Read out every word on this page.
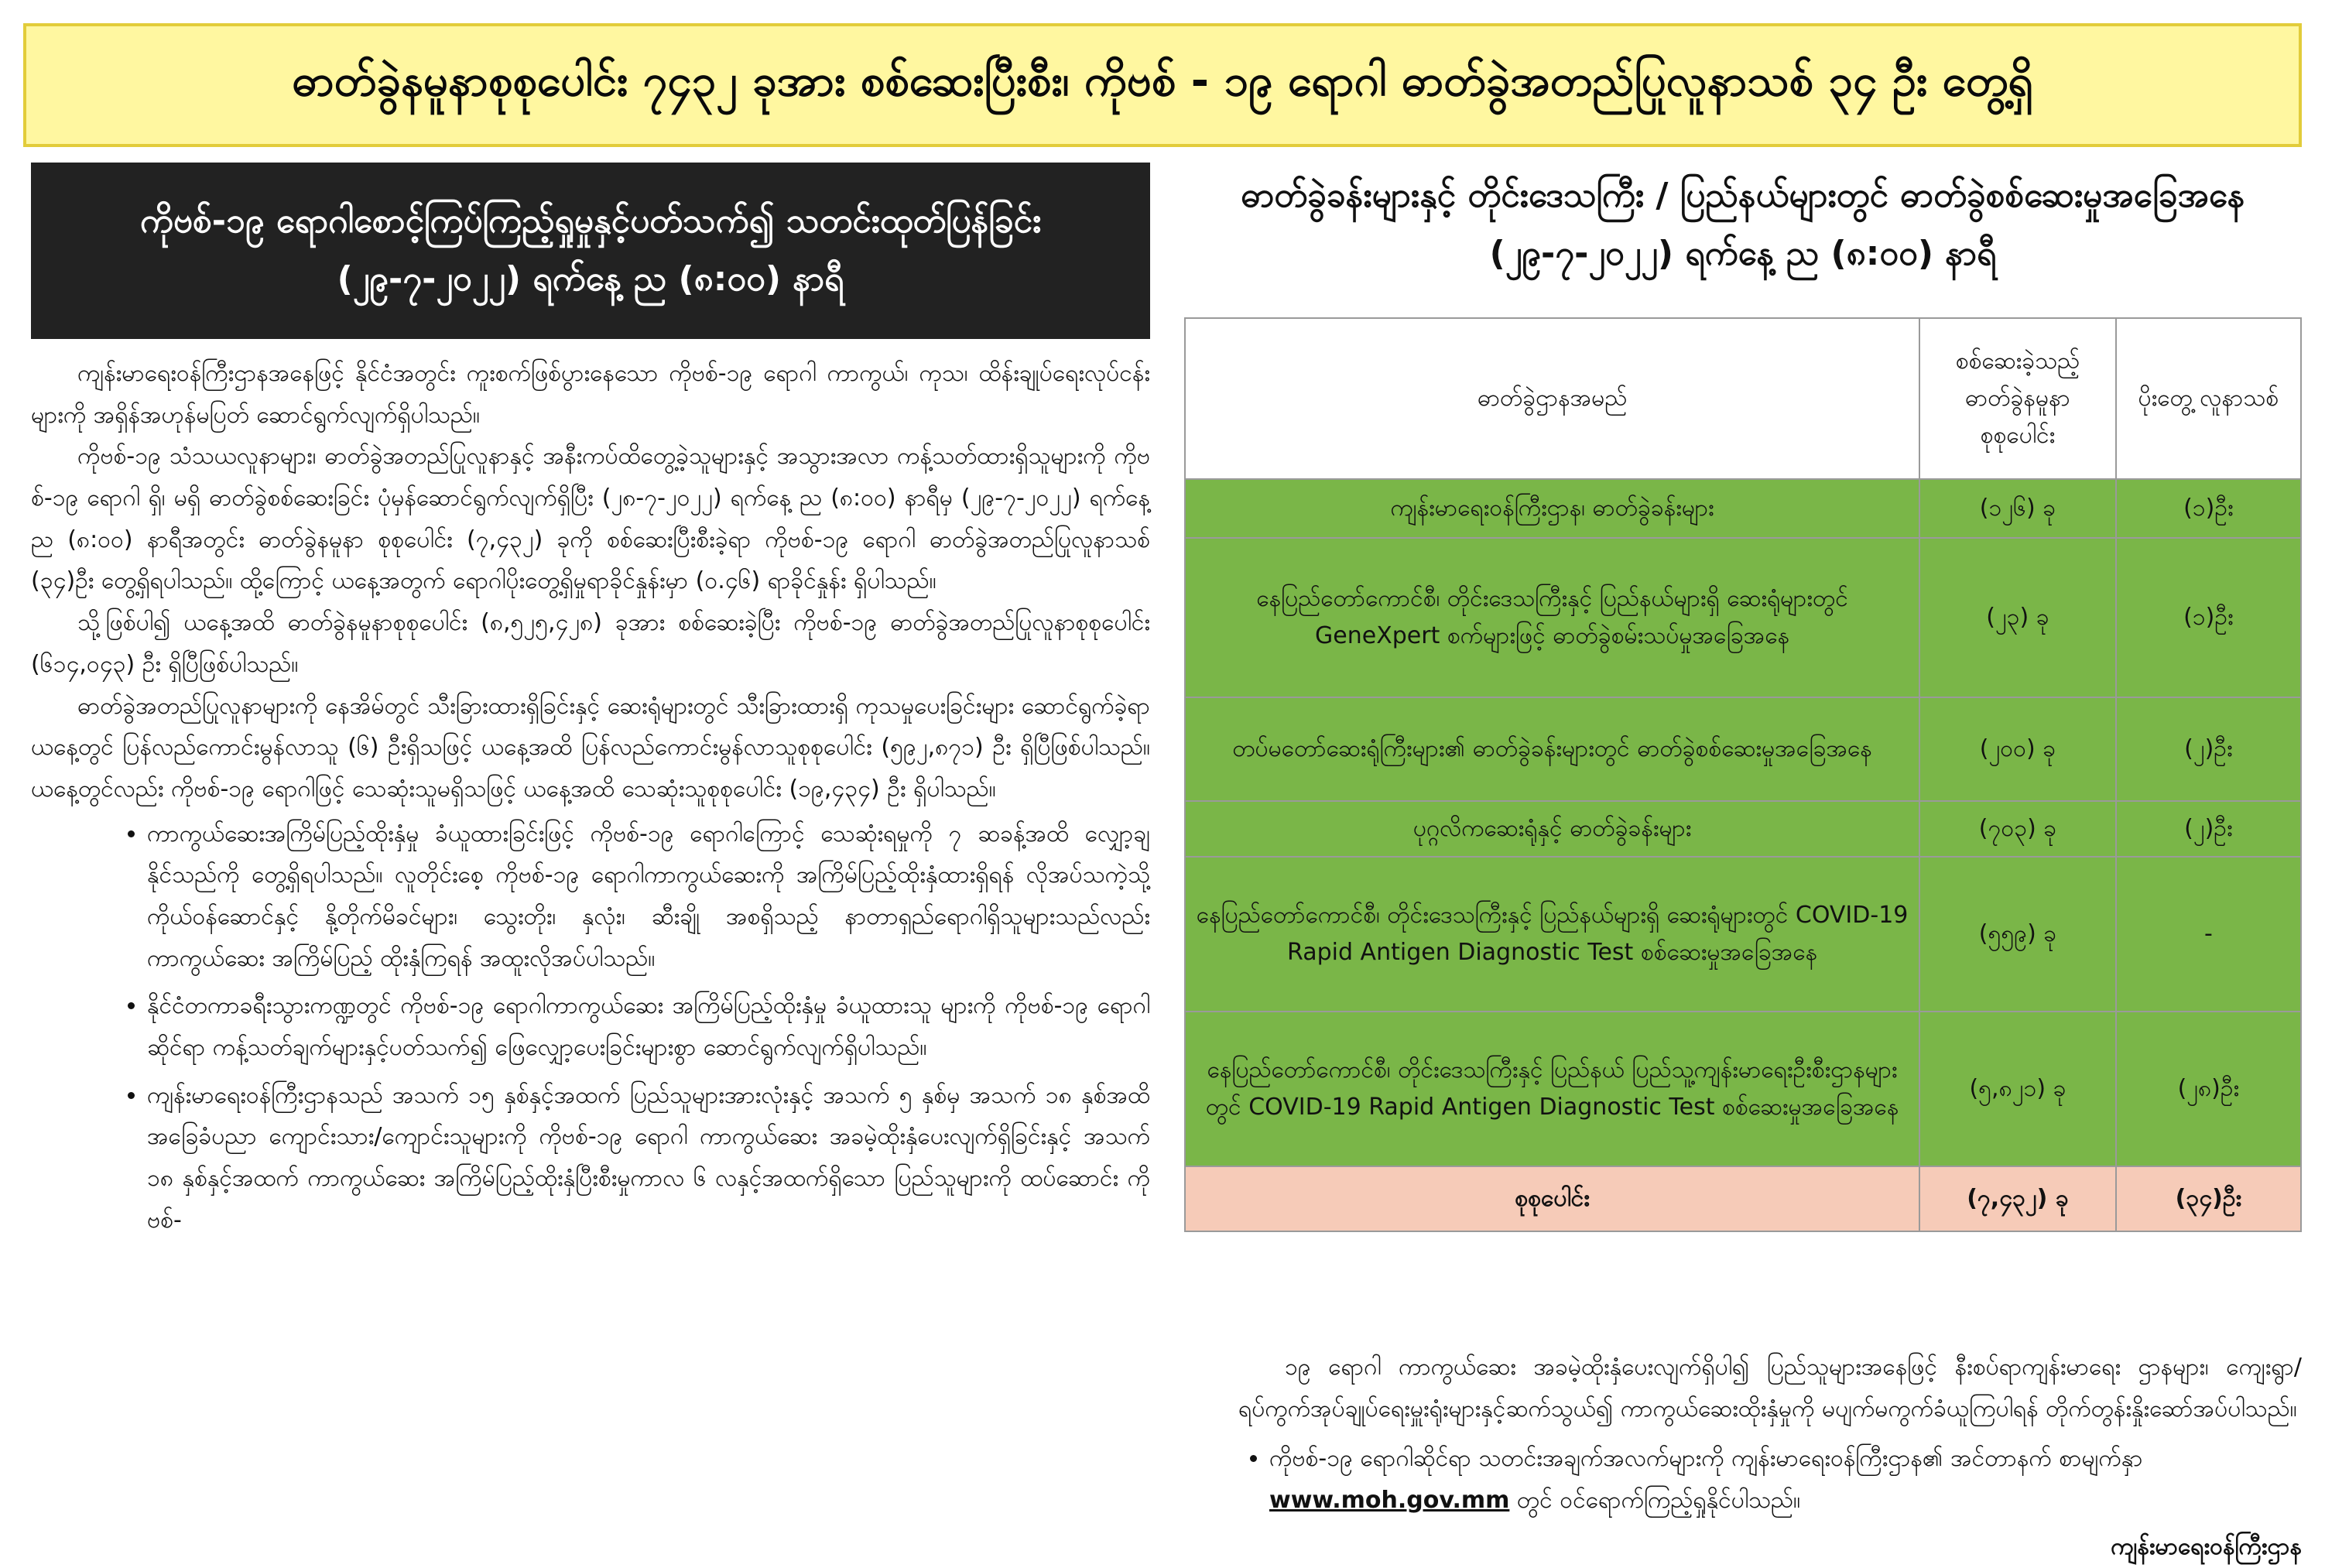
ဓာတ်ခွဲနမူနာစုစုပေါင်း ၇၄၃၂ ခုအား စစ်ဆေးပြီးစီး၊ ကိုဗစ် - ၁၉ ရောဂါ ဓာတ်ခွဲအတည်ပြုလူနာသစ် ၃၄ ဦး တွေ့ရှိ
ကိုဗစ်-၁၉ ရောဂါစောင့်ကြပ်ကြည့်ရှုမှုနှင့်ပတ်သက်၍ သတင်းထုတ်ပြန်ခြင်း
(၂၉-၇-၂၀၂၂) ရက်နေ့ ည (၈:၀၀) နာရီ

ကျန်းမာရေးဝန်ကြီးဌာနအနေဖြင့် နိုင်ငံအတွင်း ကူးစက်ဖြစ်ပွားနေသော ကိုဗစ်-၁၉ ရောဂါ ကာကွယ်၊ ကုသ၊ ထိန်းချုပ်ရေးလုပ်ငန်းများကို အရှိန်အဟုန်မပြတ် ဆောင်ရွက်လျက်ရှိပါသည်။

ကိုဗစ်-၁၉ သံသယလူနာများ၊ ဓာတ်ခွဲအတည်ပြုလူနာနှင့် အနီးကပ်ထိတွေ့ခဲ့သူများနှင့် အသွားအလာ ကန့်သတ်ထားရှိသူများကို ကိုဗစ်-၁၉ ရောဂါ ရှိ၊ မရှိ ဓာတ်ခွဲစစ်ဆေးခြင်း ပုံမှန်ဆောင်ရွက်လျက်ရှိပြီး (၂၈-၇-၂၀၂၂) ရက်နေ့ ည (၈:၀၀) နာရီမှ (၂၉-၇-၂၀၂၂) ရက်နေ့ ည (၈:၀၀) နာရီအတွင်း ဓာတ်ခွဲနမူနာ စုစုပေါင်း (၇,၄၃၂) ခုကို စစ်ဆေးပြီးစီးခဲ့ရာ ကိုဗစ်-၁၉ ရောဂါ ဓာတ်ခွဲအတည်ပြုလူနာသစ် (၃၄)ဦး တွေ့ရှိရပါသည်။ ထို့ကြောင့် ယနေ့အတွက် ရောဂါပိုးတွေ့ရှိမှုရာခိုင်နှုန်းမှာ (၀.၄၆) ရာခိုင်နှုန်း ရှိပါသည်။

သို့ဖြစ်ပါ၍ ယနေ့အထိ ဓာတ်ခွဲနမူနာစုစုပေါင်း (၈,၅၂၅,၄၂၈) ခုအား စစ်ဆေးခဲ့ပြီး ကိုဗစ်-၁၉ ဓာတ်ခွဲအတည်ပြုလူနာစုစုပေါင်း (၆၁၄,၀၄၃) ဦး ရှိပြီဖြစ်ပါသည်။

ဓာတ်ခွဲအတည်ပြုလူနာများကို နေအိမ်တွင် သီးခြားထားရှိခြင်းနှင့် ဆေးရုံများတွင် သီးခြားထားရှိ ကုသမှုပေးခြင်းများ ဆောင်ရွက်ခဲ့ရာ ယနေ့တွင် ပြန်လည်ကောင်းမွန်လာသူ (၆) ဦးရှိသဖြင့် ယနေ့အထိ ပြန်လည်ကောင်းမွန်လာသူစုစုပေါင်း (၅၉၂,၈၇၁) ဦး ရှိပြီဖြစ်ပါသည်။ ယနေ့တွင်လည်း ကိုဗစ်-၁၉ ရောဂါဖြင့် သေဆုံးသူမရှိသဖြင့် ယနေ့အထိ သေဆုံးသူစုစုပေါင်း (၁၉,၄၃၄) ဦး ရှိပါသည်။

• ကာကွယ်ဆေးအကြိမ်ပြည့်ထိုးနှံမှု ခံယူထားခြင်းဖြင့် ကိုဗစ်-၁၉ ရောဂါကြောင့် သေဆုံးရမှုကို ၇ ဆခန့်အထိ လျှော့ချနိုင်သည်ကို တွေ့ရှိရပါသည်။ လူတိုင်းစေ့ ကိုဗစ်-၁၉ ရောဂါကာကွယ်ဆေးကို အကြိမ်ပြည့်ထိုးနှံထားရှိရန် လိုအပ်သကဲ့သို့ ကိုယ်ဝန်ဆောင်နှင့် နို့တိုက်မိခင်များ၊ သွေးတိုး၊ နှလုံး၊ ဆီးချို အစရှိသည့် နာတာရှည်ရောဂါရှိသူများသည်လည်း ကာကွယ်ဆေး အကြိမ်ပြည့် ထိုးနှံကြရန် အထူးလိုအပ်ပါသည်။
• နိုင်ငံတကာခရီးသွားကဏ္ဍတွင် ကိုဗစ်-၁၉ ရောဂါကာကွယ်ဆေး အကြိမ်ပြည့်ထိုးနှံမှု ခံယူထားသူ များကို ကိုဗစ်-၁၉ ရောဂါဆိုင်ရာ ကန့်သတ်ချက်များနှင့်ပတ်သက်၍ ဖြေလျှော့ပေးခြင်းများစွာ ဆောင်ရွက်လျက်ရှိပါသည်။
• ကျန်းမာရေးဝန်ကြီးဌာနသည် အသက် ၁၅ နှစ်နှင့်အထက် ပြည်သူများအားလုံးနှင့် အသက် ၅ နှစ်မှ အသက် ၁၈ နှစ်အထိ အခြေခံပညာ ကျောင်းသား/ကျောင်းသူများကို ကိုဗစ်-၁၉ ရောဂါ ကာကွယ်ဆေး အခမဲ့ထိုးနှံပေးလျက်ရှိခြင်းနှင့် အသက် ၁၈ နှစ်နှင့်အထက် ကာကွယ်ဆေး အကြိမ်ပြည့်ထိုးနှံပြီးစီးမှုကာလ ၆ လနှင့်အထက်ရှိသော ပြည်သူများကို ထပ်ဆောင်း ကိုဗစ်-
ဓာတ်ခွဲခန်းများနှင့် တိုင်းဒေသကြီး / ပြည်နယ်များတွင် ဓာတ်ခွဲစစ်ဆေးမှုအခြေအနေ
(၂၉-၇-၂၀၂၂) ရက်နေ့ ည (၈:၀၀) နာရီ
ဓာတ်ခွဲဌာနအမည်	စစ်ဆေးခဲ့သည့် ဓာတ်ခွဲနမူနာ စုစုပေါင်း	ပိုးတွေ့ လူနာသစ်
ကျန်းမာရေးဝန်ကြီးဌာန၊ ဓာတ်ခွဲခန်းများ	(၁၂၆) ခု	(၁)ဦး
နေပြည်တော်ကောင်စီ၊ တိုင်းဒေသကြီးနှင့် ပြည်နယ်များရှိ ဆေးရုံများတွင် GeneXpert စက်များဖြင့် ဓာတ်ခွဲစမ်းသပ်မှုအခြေအနေ	(၂၃) ခု	(၁)ဦး
တပ်မတော်ဆေးရုံကြီးများ၏ ဓာတ်ခွဲခန်းများတွင် ဓာတ်ခွဲစစ်ဆေးမှုအခြေအနေ	(၂၀၀) ခု	(၂)ဦး
ပုဂ္ဂလိကဆေးရုံနှင့် ဓာတ်ခွဲခန်းများ	(၇၀၃) ခု	(၂)ဦး
နေပြည်တော်ကောင်စီ၊ တိုင်းဒေသကြီးနှင့် ပြည်နယ်များရှိ ဆေးရုံများတွင် COVID-19 Rapid Antigen Diagnostic Test စစ်ဆေးမှုအခြေအနေ	(၅၅၉) ခု	-
နေပြည်တော်ကောင်စီ၊ တိုင်းဒေသကြီးနှင့် ပြည်နယ် ပြည်သူ့ကျန်းမာရေးဦးစီးဌာနများတွင် COVID-19 Rapid Antigen Diagnostic Test စစ်ဆေးမှုအခြေအနေ	(၅,၈၂၁) ခု	(၂၈)ဦး
စုစုပေါင်း	(၇,၄၃၂) ခု	(၃၄)ဦး

၁၉ ရောဂါ ကာကွယ်ဆေး အခမဲ့ထိုးနှံပေးလျက်ရှိပါ၍ ပြည်သူများအနေဖြင့် နီးစပ်ရာကျန်းမာရေး ဌာနများ၊ ကျေးရွာ/ ရပ်ကွက်အုပ်ချုပ်ရေးမှူးရုံးများနှင့်ဆက်သွယ်၍ ကာကွယ်ဆေးထိုးနှံမှုကို မပျက်မကွက်ခံယူကြပါရန် တိုက်တွန်းနှိုးဆော်အပ်ပါသည်။

• ကိုဗစ်-၁၉ ရောဂါဆိုင်ရာ သတင်းအချက်အလက်များကို ကျန်းမာရေးဝန်ကြီးဌာန၏ အင်တာနက် စာမျက်နှာ www.moh.gov.mm တွင် ဝင်ရောက်ကြည့်ရှုနိုင်ပါသည်။
ကျန်းမာရေးဝန်ကြီးဌာန
